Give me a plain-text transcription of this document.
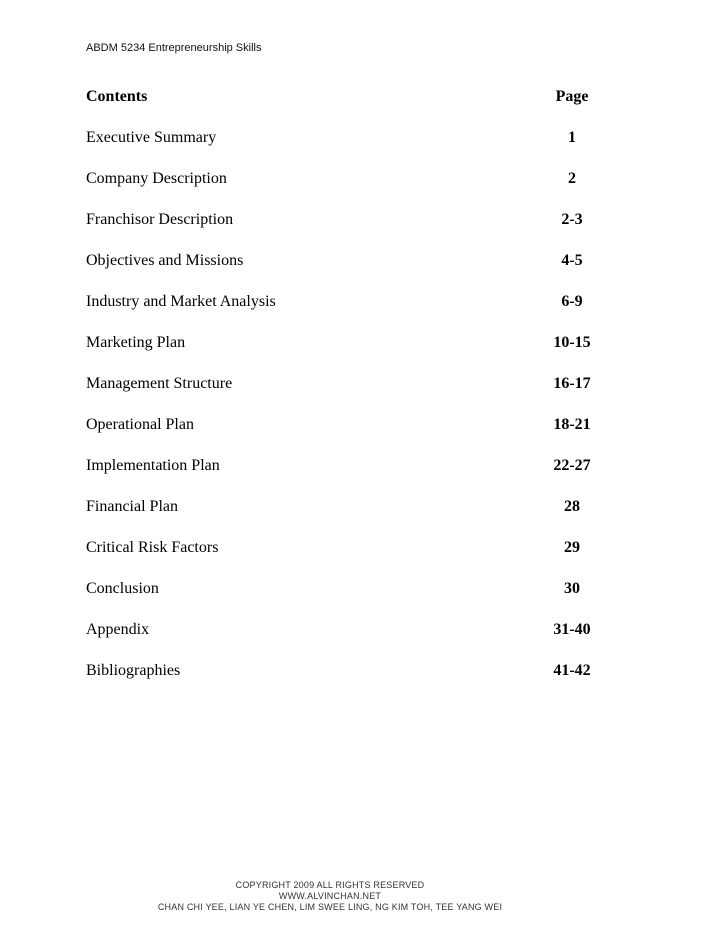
ABDM 5234 Entrepreneurship Skills
Contents	Page
Executive Summary	1
Company Description	2
Franchisor Description	2-3
Objectives and Missions	4-5
Industry and Market Analysis	6-9
Marketing Plan	10-15
Management Structure	16-17
Operational Plan	18-21
Implementation Plan	22-27
Financial Plan	28
Critical Risk Factors	29
Conclusion	30
Appendix	31-40
Bibliographies	41-42
COPYRIGHT 2009 ALL RIGHTS RESERVED
WWW.ALVINCHAN.NET
CHAN CHI YEE, LIAN YE CHEN, LIM SWEE LING, NG KIM TOH, TEE YANG WEI
